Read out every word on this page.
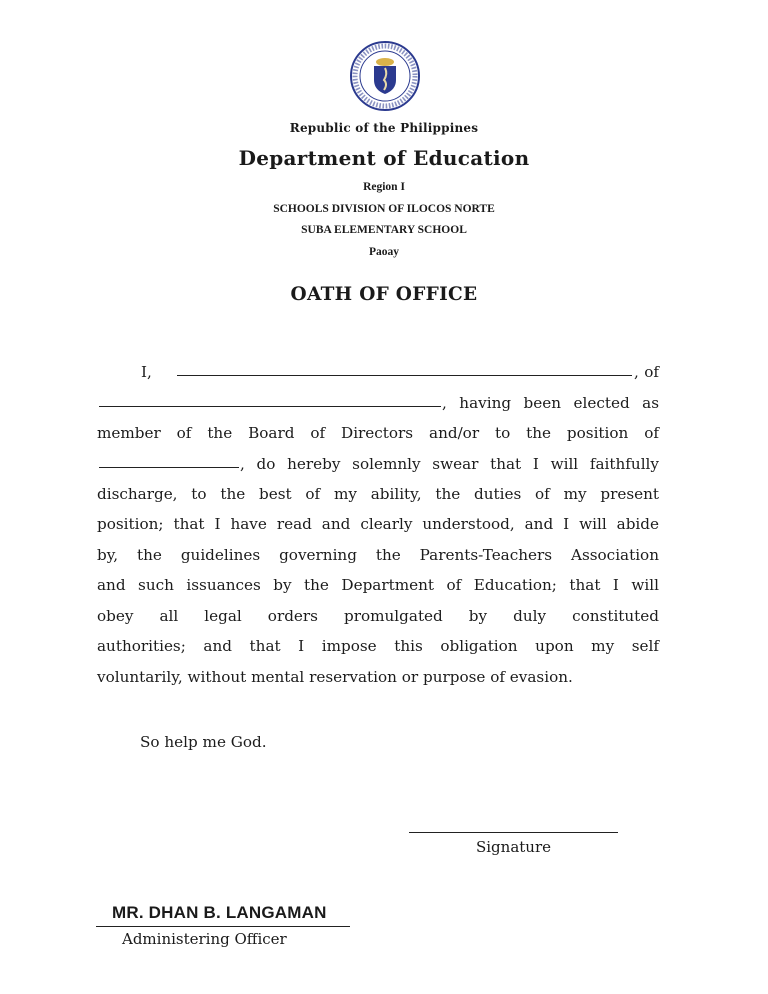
Republic of the Philippines
Department of Education
Region I
SCHOOLS DIVISION OF ILOCOS NORTE
SUBA ELEMENTARY SCHOOL
Paoay
OATH OF OFFICE
I,	, of
, having been elected as
member of the Board of Directors and/or to the position of
, do hereby solemnly swear that I will faithfully
discharge, to the best of my ability, the duties of my present
position; that I have read and clearly understood, and I will abide
by, the guidelines governing the Parents-Teachers Association
and such issuances by the Department of Education; that I will
obey all legal orders promulgated by duly constituted
authorities; and that I impose this obligation upon my self
voluntarily, without mental reservation or purpose of evasion.
So help me God.
Signature
MR. DHAN B. LANGAMAN
Administering Officer
